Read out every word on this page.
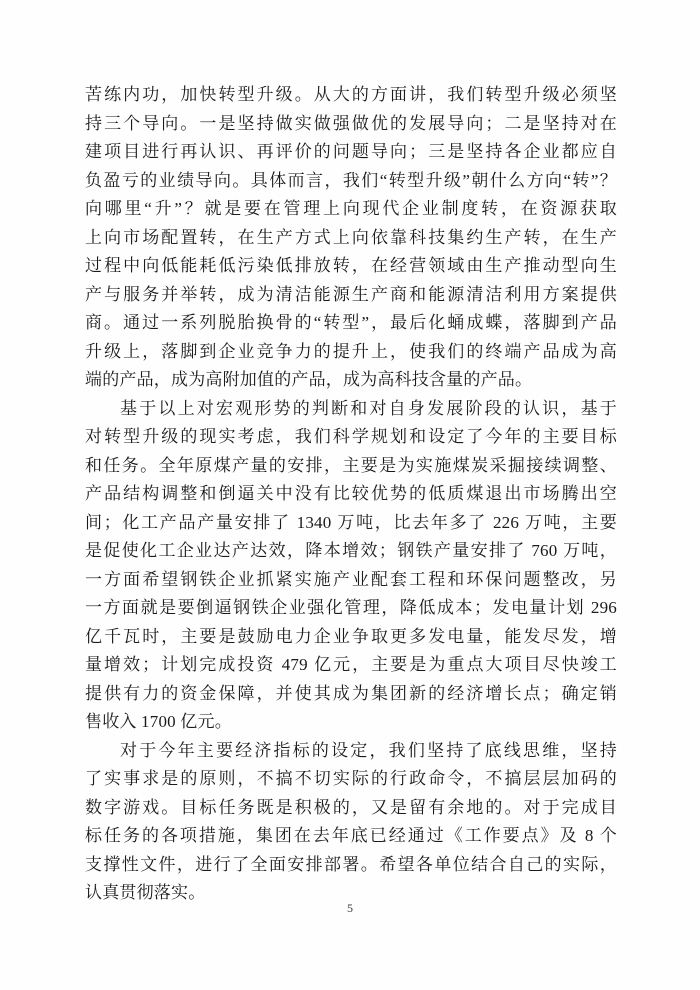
苦练内功，加快转型升级。从大的方面讲，我们转型升级必须坚
持三个导向。一是坚持做实做强做优的发展导向；二是坚持对在
建项目进行再认识、再评价的问题导向；三是坚持各企业都应自
负盈亏的业绩导向。具体而言，我们“转型升级”朝什么方向“转”？
向哪里“升”？就是要在管理上向现代企业制度转，在资源获取
上向市场配置转，在生产方式上向依靠科技集约生产转，在生产
过程中向低能耗低污染低排放转，在经营领域由生产推动型向生
产与服务并举转，成为清洁能源生产商和能源清洁利用方案提供
商。通过一系列脱胎换骨的“转型”，最后化蛹成蝶，落脚到产品
升级上，落脚到企业竞争力的提升上，使我们的终端产品成为高
端的产品，成为高附加值的产品，成为高科技含量的产品。
基于以上对宏观形势的判断和对自身发展阶段的认识，基于
对转型升级的现实考虑，我们科学规划和设定了今年的主要目标
和任务。全年原煤产量的安排，主要是为实施煤炭采掘接续调整、
产品结构调整和倒逼关中没有比较优势的低质煤退出市场腾出空
间；化工产品产量安排了 1340 万吨，比去年多了 226 万吨，主要
是促使化工企业达产达效，降本增效；钢铁产量安排了 760 万吨，
一方面希望钢铁企业抓紧实施产业配套工程和环保问题整改，另
一方面就是要倒逼钢铁企业强化管理，降低成本；发电量计划 296
亿千瓦时，主要是鼓励电力企业争取更多发电量，能发尽发，增
量增效；计划完成投资 479 亿元，主要是为重点大项目尽快竣工
提供有力的资金保障，并使其成为集团新的经济增长点；确定销
售收入 1700 亿元。
对于今年主要经济指标的设定，我们坚持了底线思维，坚持
了实事求是的原则，不搞不切实际的行政命令，不搞层层加码的
数字游戏。目标任务既是积极的，又是留有余地的。对于完成目
标任务的各项措施，集团在去年底已经通过《工作要点》及 8 个
支撑性文件，进行了全面安排部署。希望各单位结合自己的实际，
认真贯彻落实。
5
